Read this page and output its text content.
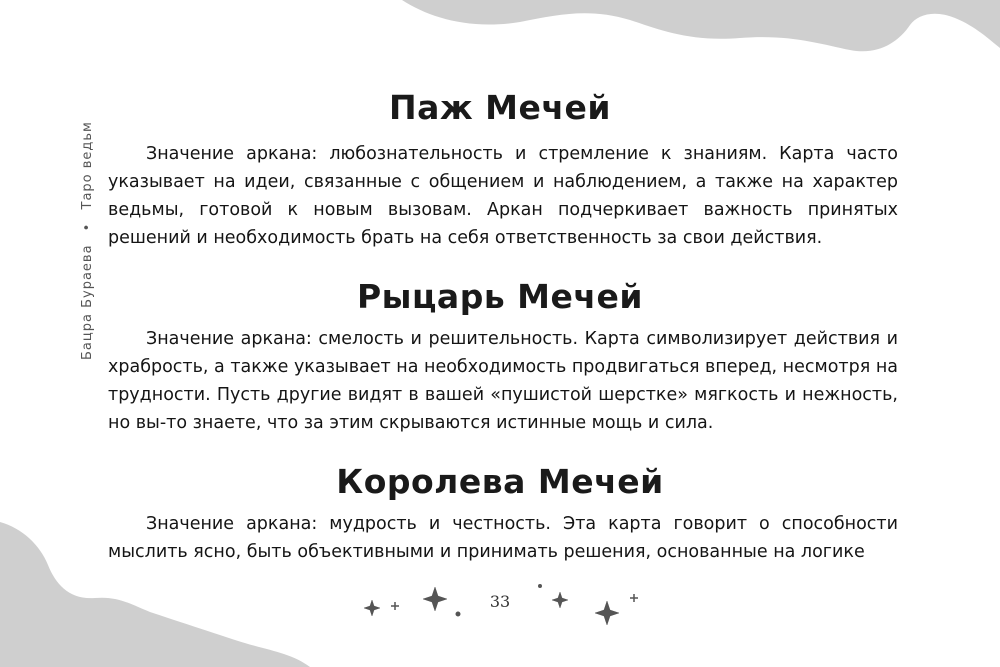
Бацра Бураева • Таро ведьм
Паж Мечей

Значение аркана: любознательность и стремление к знаниям. Карта часто указывает на идеи, связанные с общением и наблюдением, а также на характер ведьмы, готовой к новым вызовам. Аркан подчеркивает важность принятых решений и необходимость брать на себя ответственность за свои действия.

Рыцарь Мечей

Значение аркана: смелость и решительность. Карта символизирует действия и храбрость, а также указывает на необходимость продвигаться вперед, несмотря на трудности. Пусть другие видят в вашей «пушистой шерстке» мягкость и нежность, но вы-то знаете, что за этим скрываются истинные мощь и сила.

Королева Мечей

Значение аркана: мудрость и честность. Эта карта говорит о способности мыслить ясно, быть объективными и принимать решения, основанные на логике

33
